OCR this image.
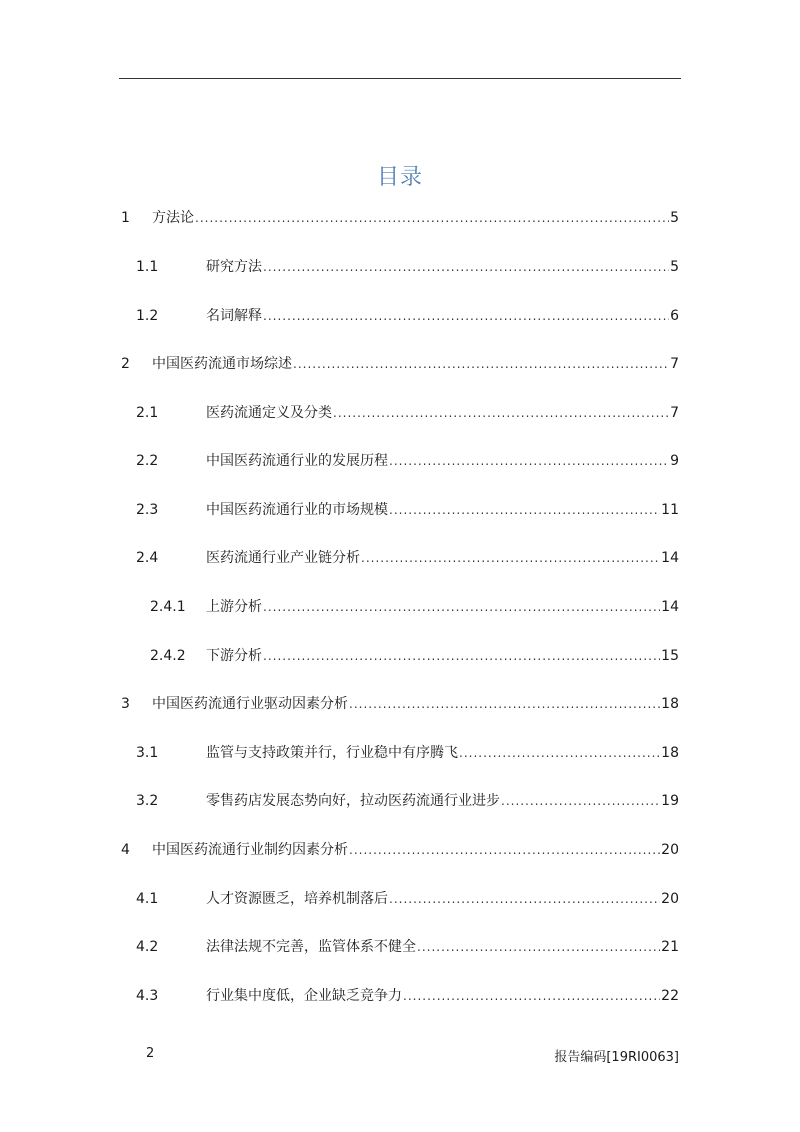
目录
1	方法论 .....	5
1.1	研究方法 .....	5
1.2	名词解释 .....	6
2	中国医药流通市场综述 .....	7
2.1	医药流通定义及分类 .....	7
2.2	中国医药流通行业的发展历程 .....	9
2.3	中国医药流通行业的市场规模 .....	11
2.4	医药流通行业产业链分析 .....	14
2.4.1	上游分析 .....	14
2.4.2	下游分析 .....	15
3	中国医药流通行业驱动因素分析 .....	18
3.1	监管与支持政策并行，行业稳中有序腾飞 .....	18
3.2	零售药店发展态势向好，拉动医药流通行业进步 .....	19
4	中国医药流通行业制约因素分析 .....	20
4.1	人才资源匮乏，培养机制落后 .....	20
4.2	法律法规不完善，监管体系不健全 .....	21
4.3	行业集中度低，企业缺乏竞争力 .....	22
2	报告编码[19RI0063]
